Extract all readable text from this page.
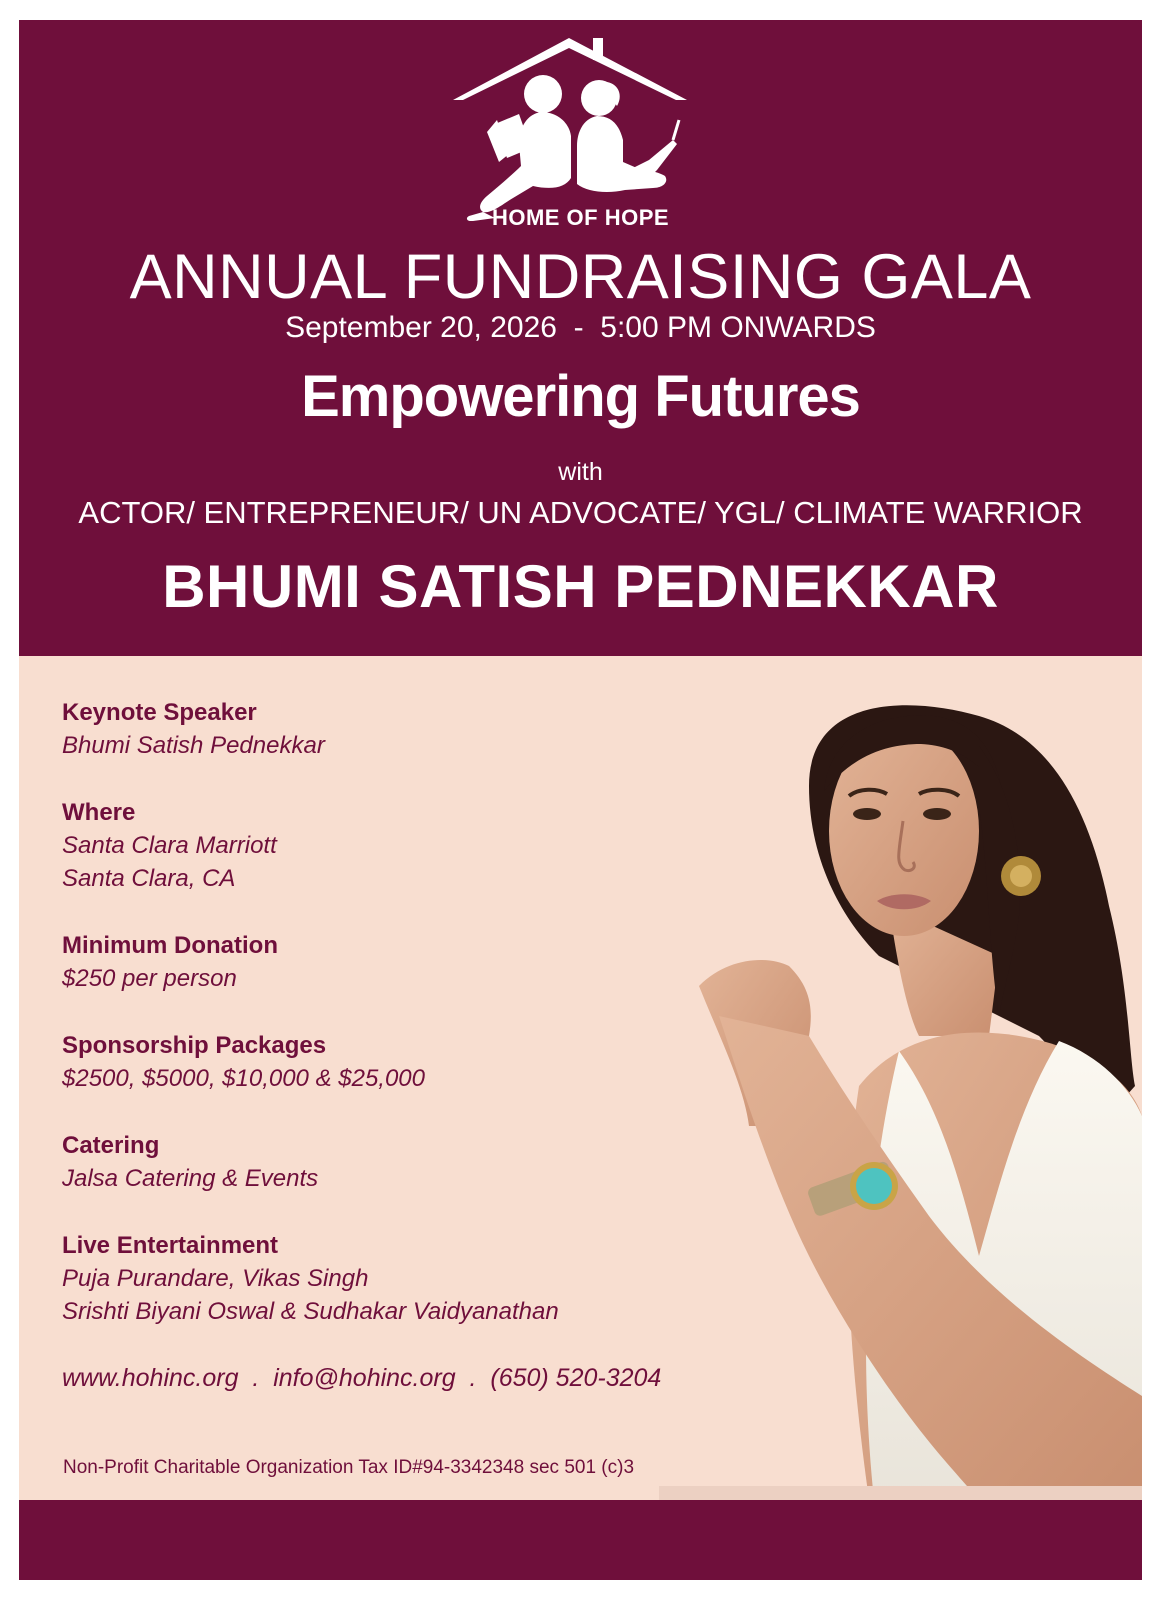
HOME OF HOPE
ANNUAL FUNDRAISING GALA
September 20, 2026  -  5:00 PM ONWARDS
Empowering Futures
with
ACTOR/ ENTREPRENEUR/ UN ADVOCATE/ YGL/ CLIMATE WARRIOR
BHUMI SATISH PEDNEKKAR
Keynote Speaker
Bhumi Satish Pednekkar
Where
Santa Clara Marriott
Santa Clara, CA
Minimum Donation
$250 per person
Sponsorship Packages
$2500, $5000, $10,000 & $25,000
Catering
Jalsa Catering & Events
Live Entertainment
Puja Purandare, Vikas Singh
Srishti Biyani Oswal & Sudhakar Vaidyanathan
www.hohinc.org  .  info@hohinc.org  .  (650) 520-3204
Non-Profit Charitable Organization Tax ID#94-3342348 sec 501 (c)3
